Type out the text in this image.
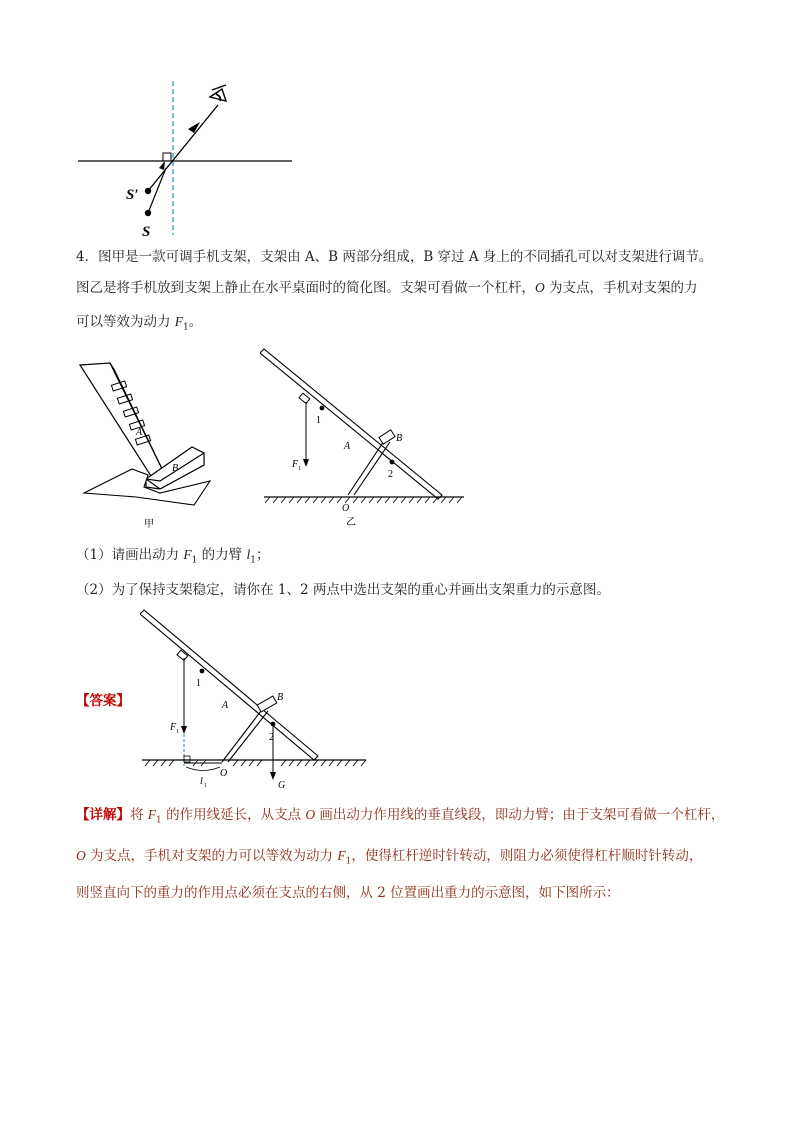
S′
S
4．图甲是一款可调手机支架，支架由 A、B 两部分组成，B 穿过 A 身上的不同插孔可以对支架进行调节。
图乙是将手机放到支架上静止在水平桌面时的简化图。支架可看做一个杠杆，O 为支点，手机对支架的力
可以等效为动力 $F_1$。
A
B
甲
1
A
B
2
F 1
O
乙
（1）请画出动力 $F_1$ 的力臂 $l_1$；
（2）为了保持支架稳定，请你在 1、2 两点中选出支架的重心并画出支架重力的示意图。
【答案】
1
A
B
2
F 1
O
l 1	G
【详解】将 $F_1$ 的作用线延长，从支点 O 画出动力作用线的垂直线段，即动力臂；由于支架可看做一个杠杆，
O 为支点，手机对支架的力可以等效为动力 $F_1$，使得杠杆逆时针转动，则阻力必须使得杠杆顺时针转动，
则竖直向下的重力的作用点必须在支点的右侧，从 2 位置画出重力的示意图，如下图所示：
